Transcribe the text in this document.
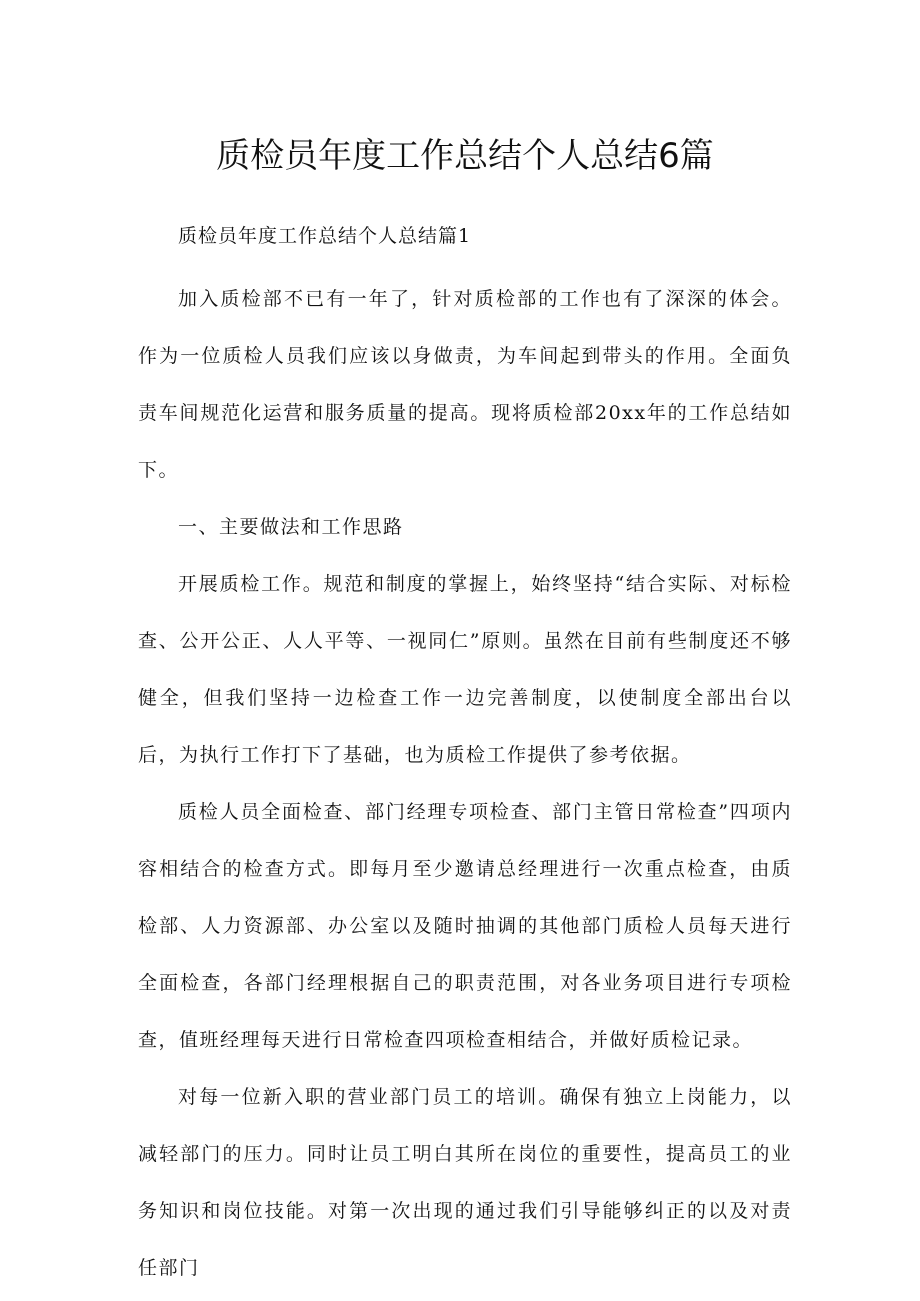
质检员年度工作总结个人总结6篇

质检员年度工作总结个人总结篇1

加入质检部不已有一年了，针对质检部的工作也有了深深的体会。作为一位质检人员我们应该以身做责，为车间起到带头的作用。全面负责车间规范化运营和服务质量的提高。现将质检部20xx年的工作总结如下。

一、主要做法和工作思路

开展质检工作。规范和制度的掌握上，始终坚持“结合实际、对标检查、公开公正、人人平等、一视同仁”原则。虽然在目前有些制度还不够健全，但我们坚持一边检查工作一边完善制度，以使制度全部出台以后，为执行工作打下了基础，也为质检工作提供了参考依据。

质检人员全面检查、部门经理专项检查、部门主管日常检查”四项内容相结合的检查方式。即每月至少邀请总经理进行一次重点检查，由质检部、人力资源部、办公室以及随时抽调的其他部门质检人员每天进行全面检查，各部门经理根据自己的职责范围，对各业务项目进行专项检查，值班经理每天进行日常检查四项检查相结合，并做好质检记录。

对每一位新入职的营业部门员工的培训。确保有独立上岗能力，以减轻部门的压力。同时让员工明白其所在岗位的重要性，提高员工的业务知识和岗位技能。对第一次出现的通过我们引导能够纠正的以及对责任部门
